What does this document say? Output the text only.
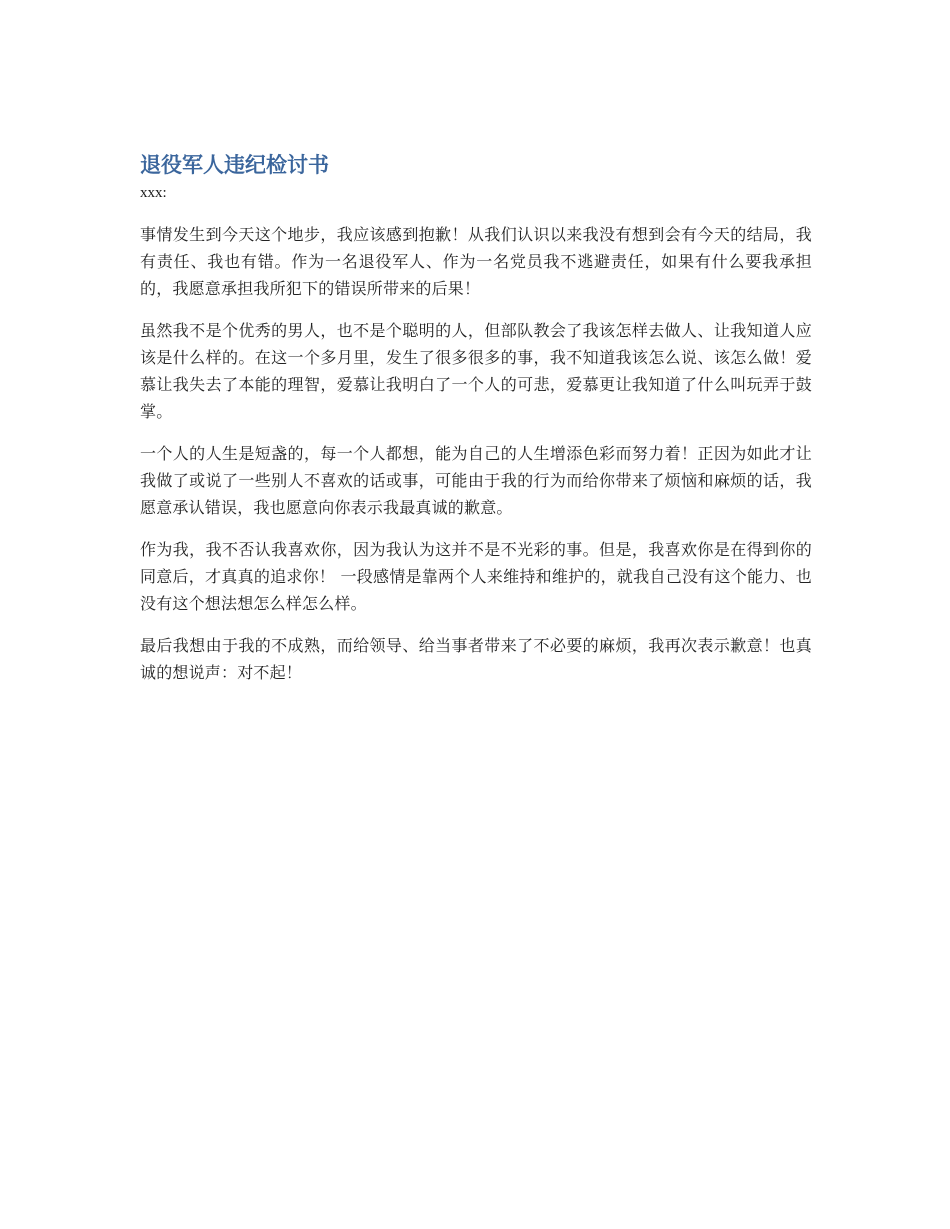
退役军人违纪检讨书
xxx:

事情发生到今天这个地步，我应该感到抱歉！从我们认识以来我没有想到会有今天的结局，我有责任、我也有错。作为一名退役军人、作为一名党员我不逃避责任，如果有什么要我承担的，我愿意承担我所犯下的错误所带来的后果！

虽然我不是个优秀的男人，也不是个聪明的人，但部队教会了我该怎样去做人、让我知道人应该是什么样的。在这一个多月里，发生了很多很多的事，我不知道我该怎么说、该怎么做！爱慕让我失去了本能的理智，爱慕让我明白了一个人的可悲，爱慕更让我知道了什么叫玩弄于鼓掌。

一个人的人生是短盏的，每一个人都想，能为自己的人生增添色彩而努力着！正因为如此才让我做了或说了一些别人不喜欢的话或事，可能由于我的行为而给你带来了烦恼和麻烦的话，我愿意承认错误，我也愿意向你表示我最真诚的歉意。

作为我，我不否认我喜欢你，因为我认为这并不是不光彩的事。但是，我喜欢你是在得到你的同意后，才真真的追求你！ 一段感情是靠两个人来维持和维护的，就我自己没有这个能力、也没有这个想法想怎么样怎么样。

最后我想由于我的不成熟，而给领导、给当事者带来了不必要的麻烦，我再次表示歉意！也真诚的想说声：对不起！
